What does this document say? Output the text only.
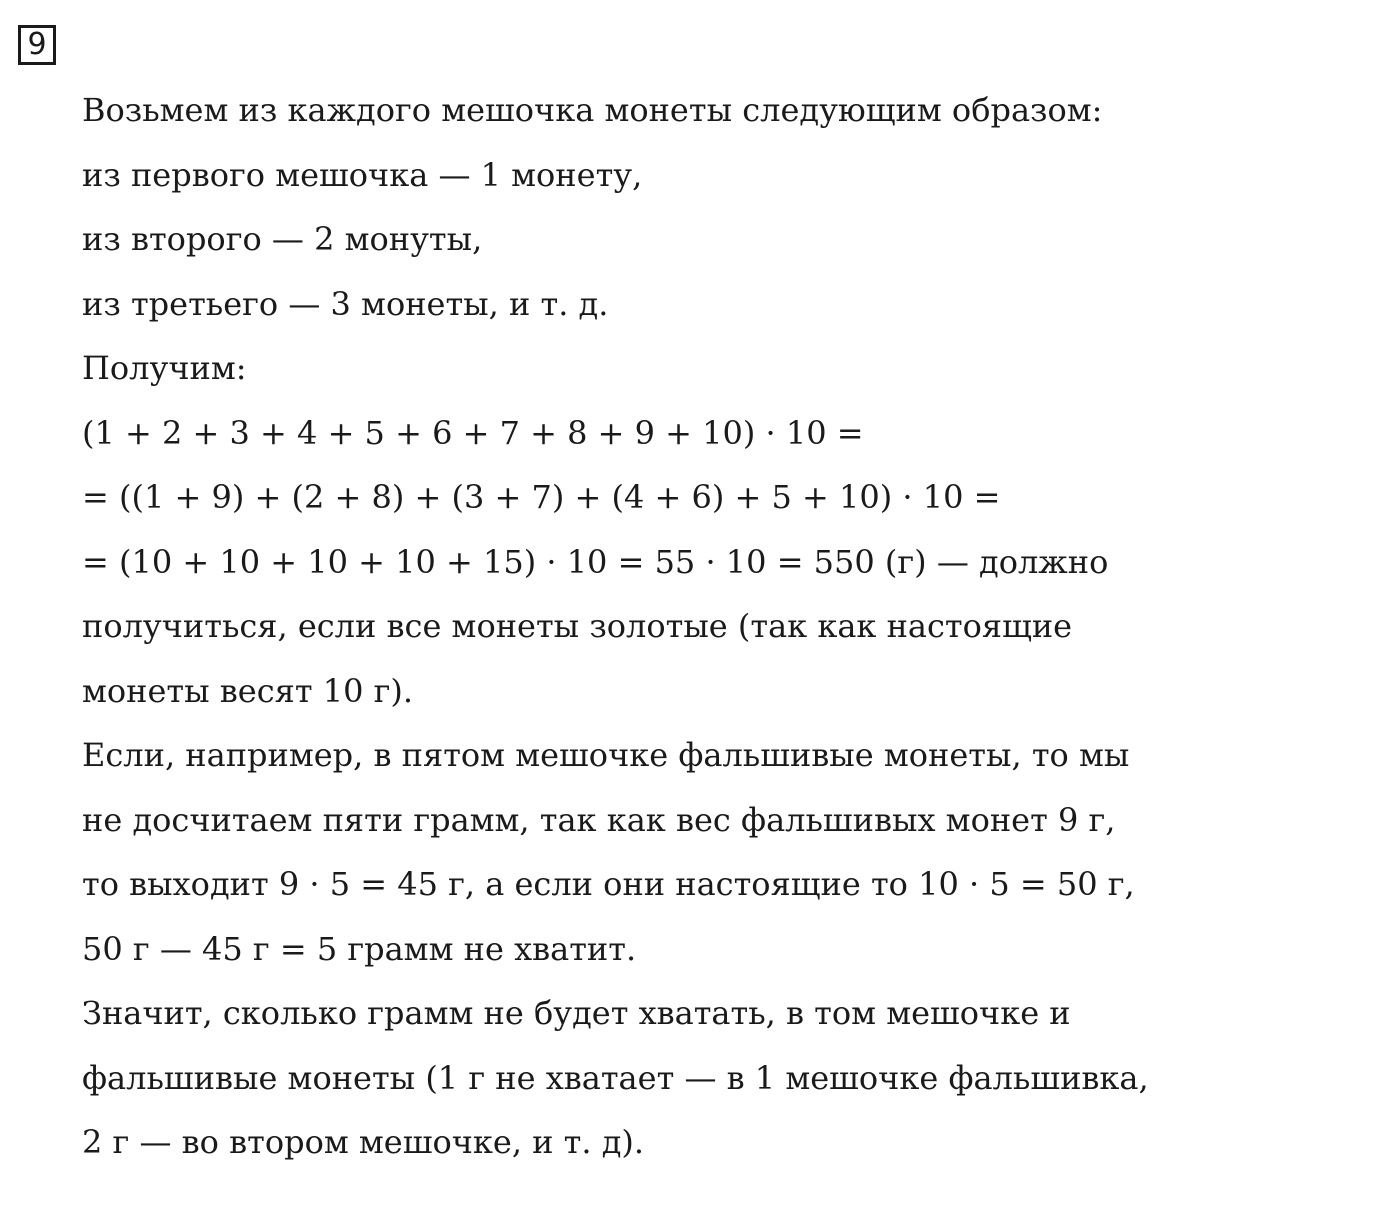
9
Возьмем из каждого мешочка монеты следующим образом:
из первого мешочка — 1 монету,
из второго — 2 монуты,
из третьего — 3 монеты, и т. д.
Получим:
(1 + 2 + 3 + 4 + 5 + 6 + 7 + 8 + 9 + 10) · 10 =
= ((1 + 9) + (2 + 8) + (3 + 7) + (4 + 6) + 5 + 10) · 10 =
= (10 + 10 + 10 + 10 + 15) · 10 = 55 · 10 = 550 (г) — должно
получиться, если все монеты золотые (так как настоящие
монеты весят 10 г).
Если, например, в пятом мешочке фальшивые монеты, то мы
не досчитаем пяти грамм, так как вес фальшивых монет 9 г,
то выходит 9 · 5 = 45 г, а если они настоящие то 10 · 5 = 50 г,
50 г — 45 г = 5 грамм не хватит.
Значит, сколько грамм не будет хватать, в том мешочке и
фальшивые монеты (1 г не хватает — в 1 мешочке фальшивка,
2 г — во втором мешочке, и т. д).
